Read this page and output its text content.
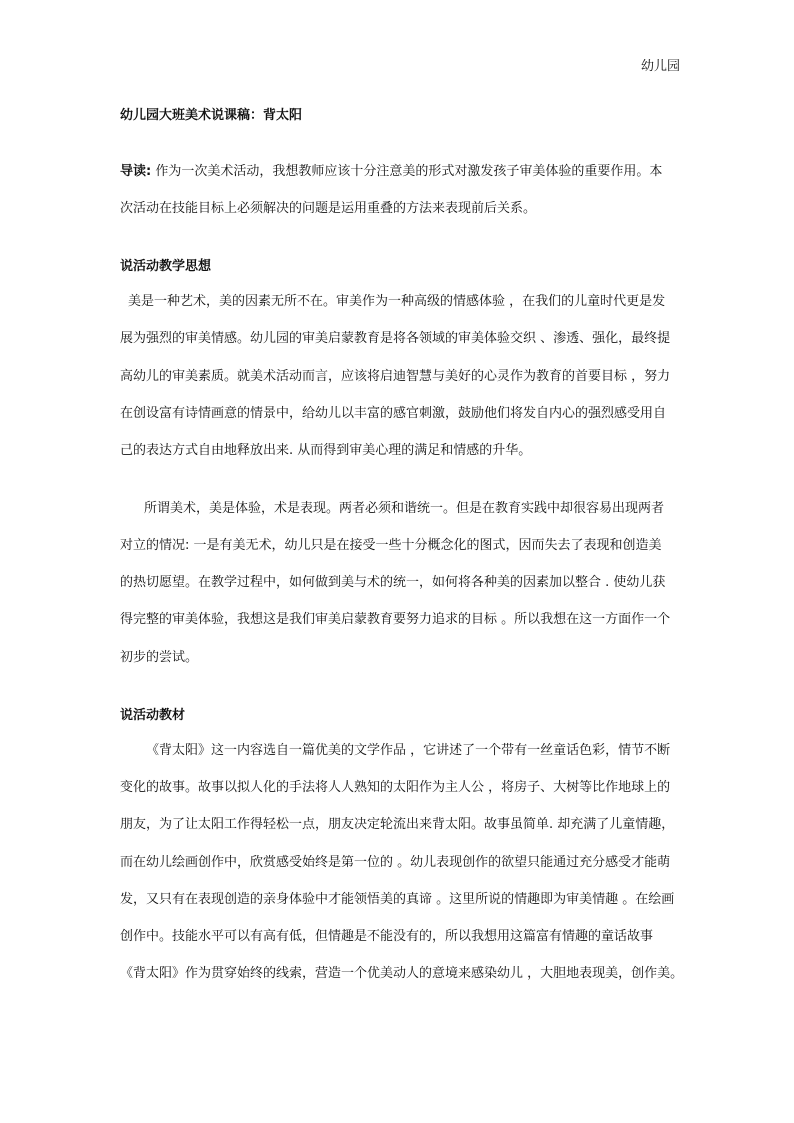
幼儿园
幼儿园大班美术说课稿：背太阳
导读: 作为一次美术活动，我想教师应该十分注意美的形式对激发孩子审美体验的重要作用。本
次活动在技能目标上必须解决的问题是运用重叠的方法来表现前后关系。
说活动教学思想
美是一种艺术，美的因素无所不在。审美作为一种高级的情感体验 ，在我们的儿童时代更是发
展为强烈的审美情感。幼儿园的审美启蒙教育是将各领域的审美体验交织 、渗透、强化，最终提
高幼儿的审美素质。就美术活动而言，应该将启迪智慧与美好的心灵作为教育的首要目标 ，努力
在创设富有诗情画意的情景中，给幼儿以丰富的感官刺激，鼓励他们将发自内心的强烈感受用自
己的表达方式自由地释放出来. 从而得到审美心理的满足和情感的升华。
所谓美术，美是体验，术是表现。两者必须和谐统一。但是在教育实践中却很容易出现两者
对立的情况: 一是有美无术，幼儿只是在接受一些十分概念化的图式，因而失去了表现和创造美
的热切愿望。在教学过程中，如何做到美与术的统一，如何将各种美的因素加以整合 . 使幼儿获
得完整的审美体验，我想这是我们审美启蒙教育要努力追求的目标 。所以我想在这一方面作一个
初步的尝试。
说活动教材
《背太阳》这一内容选自一篇优美的文学作品 ，它讲述了一个带有一丝童话色彩，情节不断
变化的故事。故事以拟人化的手法将人人熟知的太阳作为主人公 ，将房子、大树等比作地球上的
朋友，为了让太阳工作得轻松一点，朋友决定轮流出来背太阳。故事虽简单. 却充满了儿童情趣，
而在幼儿绘画创作中，欣赏感受始终是第一位的 。幼儿表现创作的欲望只能通过充分感受才能萌
发，又只有在表现创造的亲身体验中才能领悟美的真谛 。这里所说的情趣即为审美情趣 。在绘画
创作中。技能水平可以有高有低，但情趣是不能没有的，所以我想用这篇富有情趣的童话故事
《背太阳》作为贯穿始终的线索，营造一个优美动人的意境来感染幼儿 ，大胆地表现美，创作美。
